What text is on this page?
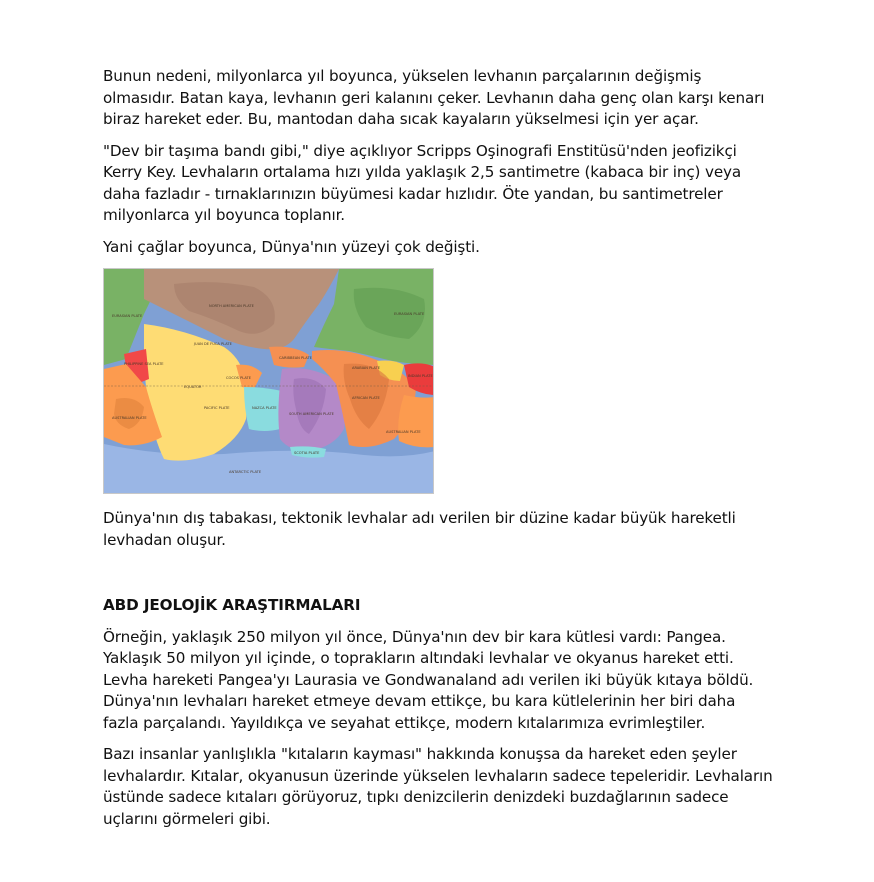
Bunun nedeni, milyonlarca yıl boyunca, yükselen levhanın parçalarının değişmiş olmasıdır. Batan kaya, levhanın geri kalanını çeker. Levhanın daha genç olan karşı kenarı biraz hareket eder. Bu, mantodan daha sıcak kayaların yükselmesi için yer açar.

"Dev bir taşıma bandı gibi," diye açıklıyor Scripps Oşinografi Enstitüsü'nden jeofizikçi Kerry Key. Levhaların ortalama hızı yılda yaklaşık 2,5 santimetre (kabaca bir inç) veya daha fazladır - tırnaklarınızın büyümesi kadar hızlıdır. Öte yandan, bu santimetreler milyonlarca yıl boyunca toplanır.

Yani çağlar boyunca, Dünya'nın yüzeyi çok değişti.

NORTH AMERICAN PLATE
EURASIAN PLATE	EURASIAN PLATE
JUAN DE FUCA PLATE
PHILIPPINE SEA PLATE
CARIBBEAN PLATE
ARABIAN PLATE
INDIAN PLATE
EQUATOR
COCOS PLATE
AFRICAN PLATE
PACIFIC PLATE	NAZCA PLATE
SOUTH AMERICAN PLATE
AUSTRALIAN PLATE
AUSTRALIAN PLATE
SCOTIA PLATE
ANTARCTIC PLATE

Dünya'nın dış tabakası, tektonik levhalar adı verilen bir düzine kadar büyük hareketli levhadan oluşur.

ABD JEOLOJİK ARAŞTIRMALARI

Örneğin, yaklaşık 250 milyon yıl önce, Dünya'nın dev bir kara kütlesi vardı: Pangea. Yaklaşık 50 milyon yıl içinde, o toprakların altındaki levhalar ve okyanus hareket etti. Levha hareketi Pangea'yı Laurasia ve Gondwanaland adı verilen iki büyük kıtaya böldü. Dünya'nın levhaları hareket etmeye devam ettikçe, bu kara kütlelerinin her biri daha fazla parçalandı. Yayıldıkça ve seyahat ettikçe, modern kıtalarımıza evrimleştiler.

Bazı insanlar yanlışlıkla "kıtaların kayması" hakkında konuşsa da hareket eden şeyler levhalardır. Kıtalar, okyanusun üzerinde yükselen levhaların sadece tepeleridir. Levhaların üstünde sadece kıtaları görüyoruz, tıpkı denizcilerin denizdeki buzdağlarının sadece uçlarını görmeleri gibi.
